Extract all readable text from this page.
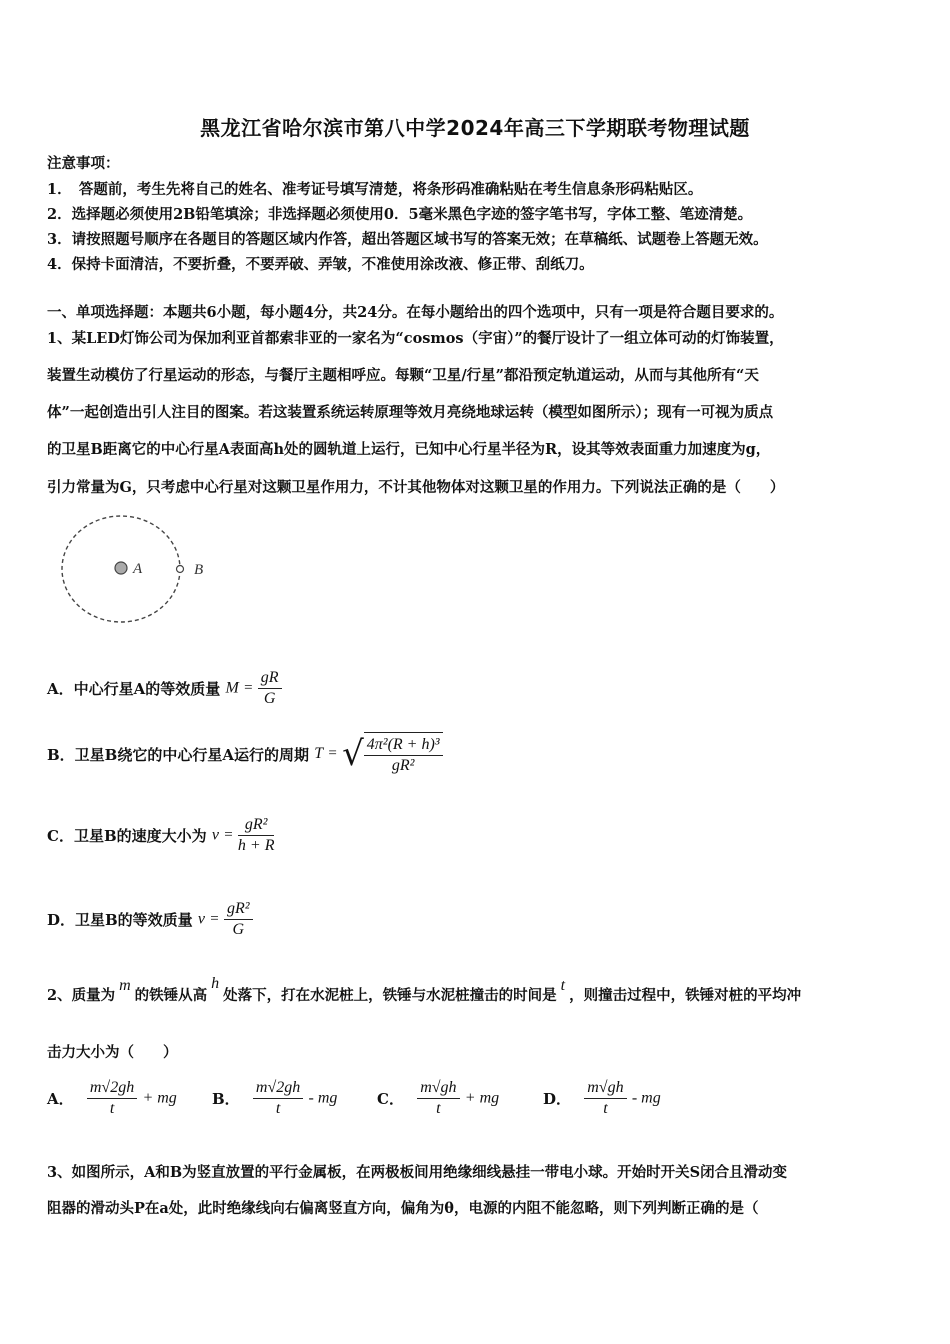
黑龙江省哈尔滨市第八中学2024年高三下学期联考物理试题
注意事项：
1．　答题前，考生先将自己的姓名、准考证号填写清楚，将条形码准确粘贴在考生信息条形码粘贴区。
2．选择题必须使用2B铅笔填涂；非选择题必须使用0．5毫米黑色字迹的签字笔书写，字体工整、笔迹清楚。
3．请按照题号顺序在各题目的答题区域内作答，超出答题区域书写的答案无效；在草稿纸、试题卷上答题无效。
4．保持卡面清洁，不要折叠，不要弄破、弄皱，不准使用涂改液、修正带、刮纸刀。
一、单项选择题：本题共6小题，每小题4分，共24分。在每小题给出的四个选项中，只有一项是符合题目要求的。
1、某LED灯饰公司为保加利亚首都索非亚的一家名为“cosmos（宇宙）”的餐厅设计了一组立体可动的灯饰装置，
装置生动模仿了行星运动的形态，与餐厅主题相呼应。每颗“卫星/行星”都沿预定轨道运动，从而与其他所有“天
体”一起创造出引人注目的图案。若这装置系统运转原理等效月亮绕地球运转（模型如图所示）；现有一可视为质点
的卫星B距离它的中心行星A表面高h处的圆轨道上运行，已知中心行星半径为R，设其等效表面重力加速度为g，
引力常量为G，只考虑中心行星对这颗卫星作用力，不计其他物体对这颗卫星的作用力。下列说法正确的是（　　）
A	B
A．中心行星A的等效质量 $M = \frac{gR}{G}$
B．卫星B绕它的中心行星A运行的周期 T = √ $\frac{\text{4π²(R + h)³}}{\text{gR²}}$
C．卫星B的速度大小为 $v = \frac{\text{gR²}}{h + R}$
D．卫星B的等效质量 $v = \frac{\text{gR²}}{G}$
2、质量为m的铁锤从高h处落下，打在水泥桩上，铁锤与水泥桩撞击的时间是t，则撞击过程中，铁锤对桩的平均冲
击力大小为（　　）
A． $\frac{m√2gh}{t}$ + mg B． $\frac{m√2gh}{t}$ - mg	C． $\frac{m√gh}{t}$ + mg	D． $\frac{m√gh}{t}$ - mg
3、如图所示，A和B为竖直放置的平行金属板，在两极板间用绝缘细线悬挂一带电小球。开始时开关S闭合且滑动变
阻器的滑动头P在a处，此时绝缘线向右偏离竖直方向，偏角为θ，电源的内阻不能忽略，则下列判断正确的是（
